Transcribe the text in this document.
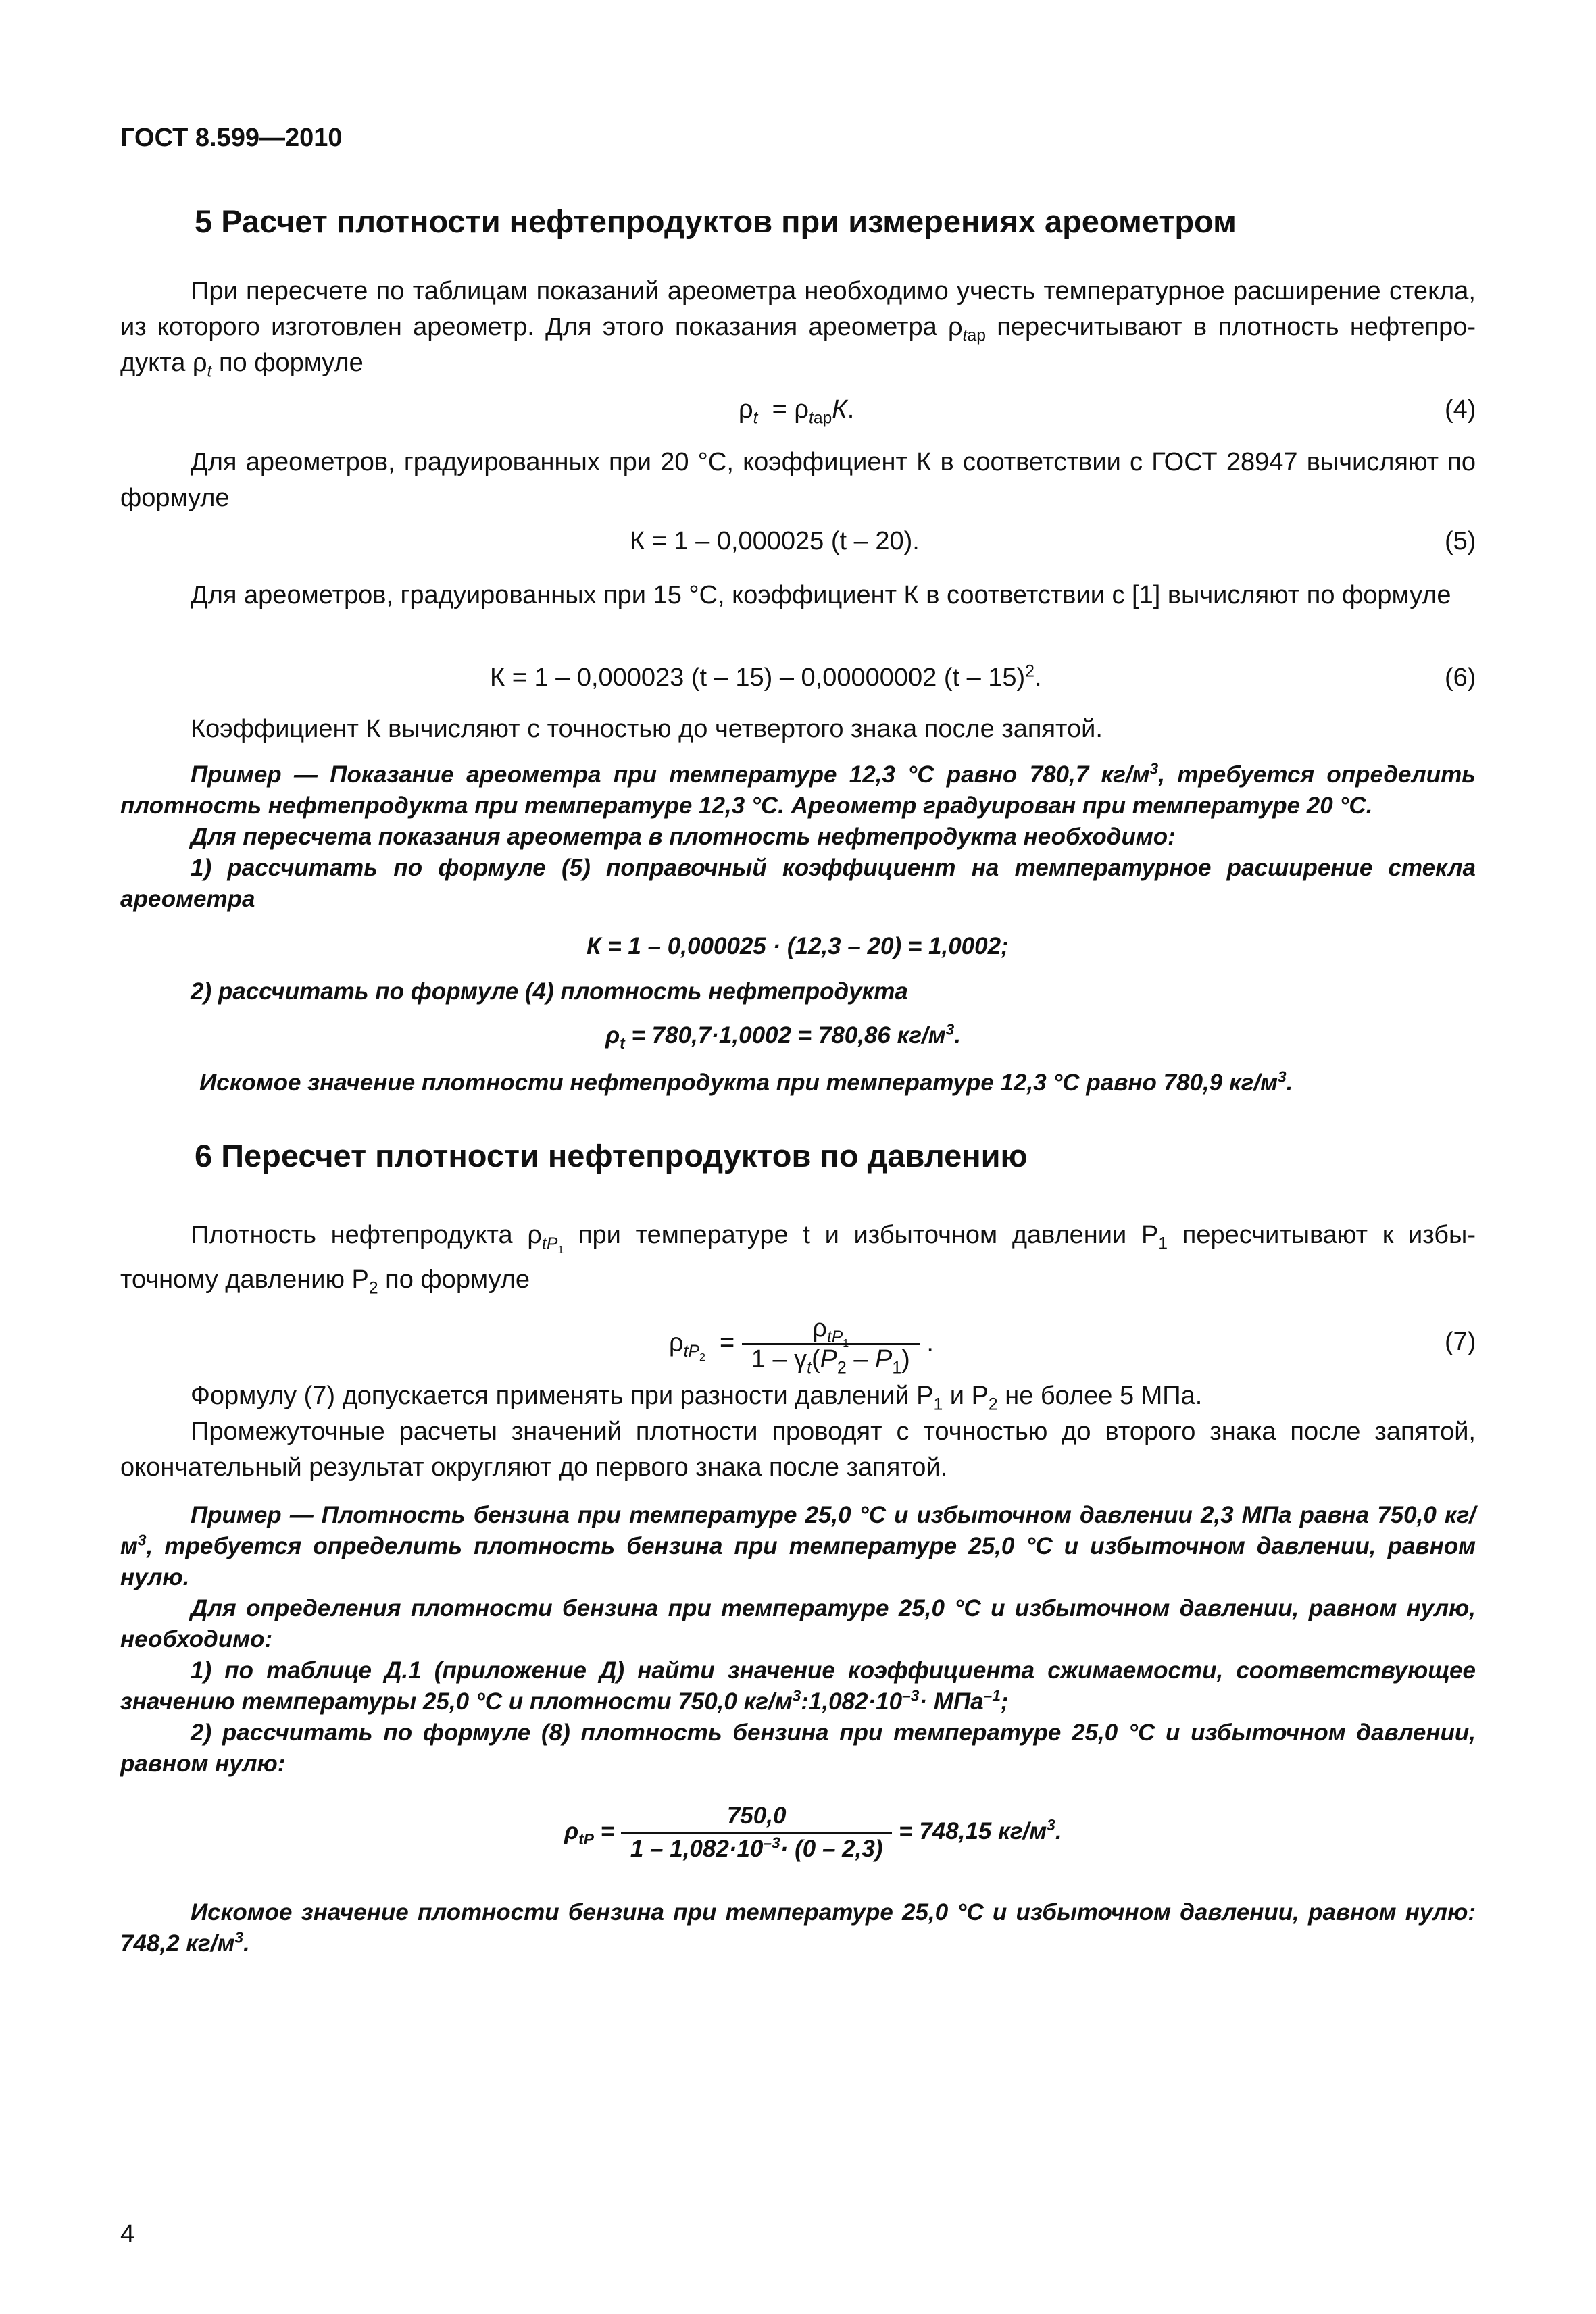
ГОСТ 8.599—2010
5 Расчет плотности нефтепродуктов при измерениях ареометром
При пересчете по таблицам показаний ареометра необходимо учесть температурное расширение стекла, из которого изготовлен ареометр. Для этого показания ареометра $\rho_{tар}$ пересчитывают в плотность нефтепро-дукта $\rho_t$ по формуле
$\rho_t = \rho_{tар}К$.	(4)
Для ареометров, градуированных при 20 °С, коэффициент К в соответствии с ГОСТ 28947 вычисляют по формуле
К = 1 – 0,000025 (t – 20).	(5)
Для ареометров, градуированных при 15 °С, коэффициент К в соответствии с [1] вычисляют по формуле
К = 1 – 0,000023 (t – 15) – 0,00000002 (t – 15)$^2$.	(6)
Коэффициент К вычисляют с точностью до четвертого знака после запятой.
Пример — Показание ареометра при температуре 12,3 °С равно 780,7 $кг/м^3$, требуется определить плотность нефтепродукта при температуре 12,3 °С. Ареометр градуирован при температуре 20 °С.
Для пересчета показания ареометра в плотность нефтепродукта необходимо:
1) рассчитать по формуле (5) поправочный коэффициент на температурное расширение стекла ареометра
К = 1 – 0,000025 · (12,3 – 20) = 1,0002;
2) рассчитать по формуле (4) плотность нефтепродукта
$\rho_t = 780,7\cdot 1,0002 = 780,86$ $кг/м^3$.
Искомое значение плотности нефтепродукта при температуре 12,3 °С равно 780,9 $кг/м^3$.
6 Пересчет плотности нефтепродуктов по давлению
Плотность нефтепродукта $\rho_{tP_1}$ при температуре t и избыточном давлении $P_1$ пересчитывают к избы-точному давлению $P_2$ по формуле
$\rho_{tP_2} = \frac{\rho_{tP_1}}{1 - \gamma_t(P_2 - P_1)}$ .	(7)
Формулу (7) допускается применять при разности давлений $P_1$ и $P_2$ не более 5 МПа.
Промежуточные расчеты значений плотности проводят с точностью до второго знака после запятой, окончательный результат округляют до первого знака после запятой.
Пример — Плотность бензина при температуре 25,0 °С и избыточном давлении 2,3 МПа равна 750,0 $кг/м^3$, требуется определить плотность бензина при температуре 25,0 °С и избыточном давлении, равном нулю.
Для определения плотности бензина при температуре 25,0 °С и избыточном давлении, равном нулю, необходимо:
1) по таблице Д.1 (приложение Д) найти значение коэффициента сжимаемости, соответствующее значению температуры 25,0 °С и плотности 750,0 $кг/м^3:1,082\cdot 10^{-3}\cdot МПа^{-1}$;
2) рассчитать по формуле (8) плотность бензина при температуре 25,0 °С и избыточном давлении, равном нулю:
$\rho_{tP} = \frac{750,0}{1 - 1,082\cdot 10^{-3}\cdot (0 - 2,3)} = 748,15$ $кг/м^3$.
Искомое значение плотности бензина при температуре 25,0 °С и избыточном давлении, равном нулю: 748,2 $кг/м^3$.
4
